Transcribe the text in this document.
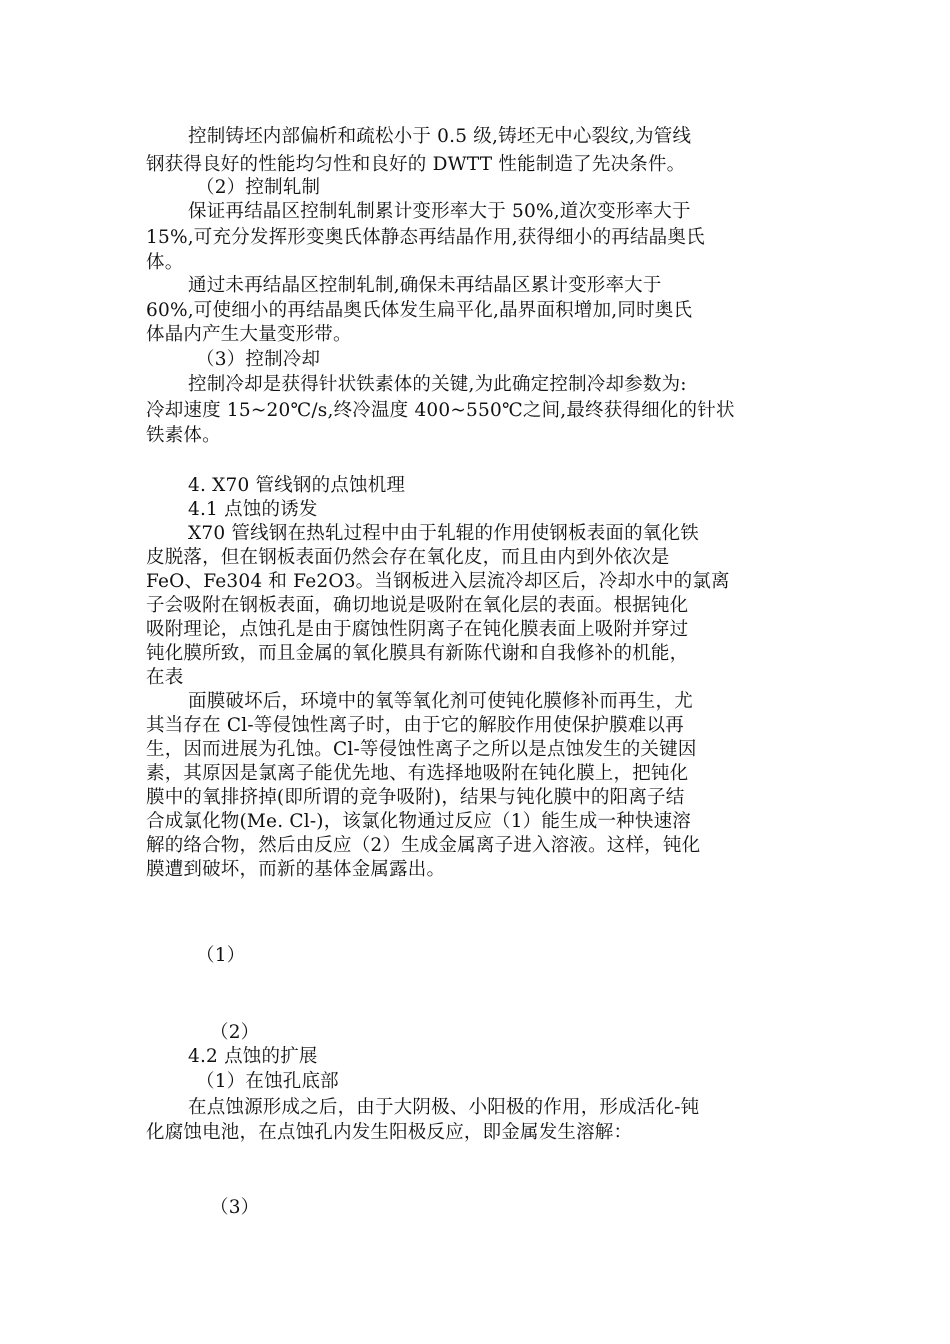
控制铸坯内部偏析和疏松小于 0.5 级,铸坯无中心裂纹,为管线
钢获得良好的性能均匀性和良好的 DWTT 性能制造了先决条件。
（2）控制轧制
保证再结晶区控制轧制累计变形率大于 50%,道次变形率大于
15%,可充分发挥形变奥氏体静态再结晶作用,获得细小的再结晶奥氏
体。
通过未再结晶区控制轧制,确保未再结晶区累计变形率大于
60%,可使细小的再结晶奥氏体发生扁平化,晶界面积增加,同时奥氏
体晶内产生大量变形带。
（3）控制冷却
控制冷却是获得针状铁素体的关键,为此确定控制冷却参数为:
冷却速度 15~20℃/s,终冷温度 400~550℃之间,最终获得细化的针状
铁素体。
4. X70 管线钢的点蚀机理
4.1 点蚀的诱发
X70 管线钢在热轧过程中由于轧辊的作用使钢板表面的氧化铁
皮脱落，但在钢板表面仍然会存在氧化皮，而且由内到外依次是
FeO、Fe304 和 Fe2O3。当钢板进入层流冷却区后，冷却水中的氯离
子会吸附在钢板表面，确切地说是吸附在氧化层的表面。根据钝化
吸附理论，点蚀孔是由于腐蚀性阴离子在钝化膜表面上吸附并穿过
钝化膜所致，而且金属的氧化膜具有新陈代谢和自我修补的机能，
在表
面膜破坏后，环境中的氧等氧化剂可使钝化膜修补而再生，尤
其当存在 Cl-等侵蚀性离子时，由于它的解胶作用使保护膜难以再
生，因而进展为孔蚀。Cl-等侵蚀性离子之所以是点蚀发生的关键因
素，其原因是氯离子能优先地、有选择地吸附在钝化膜上，把钝化
膜中的氧排挤掉(即所谓的竞争吸附)，结果与钝化膜中的阳离子结
合成氯化物(Me. Cl-)，该氯化物通过反应（1）能生成一种快速溶
解的络合物，然后由反应（2）生成金属离子进入溶液。这样，钝化
膜遭到破坏，而新的基体金属露出。
（1）
（2）
4.2 点蚀的扩展
（1）在蚀孔底部
在点蚀源形成之后，由于大阴极、小阳极的作用，形成活化-钝
化腐蚀电池，在点蚀孔内发生阳极反应，即金属发生溶解：
（3）
